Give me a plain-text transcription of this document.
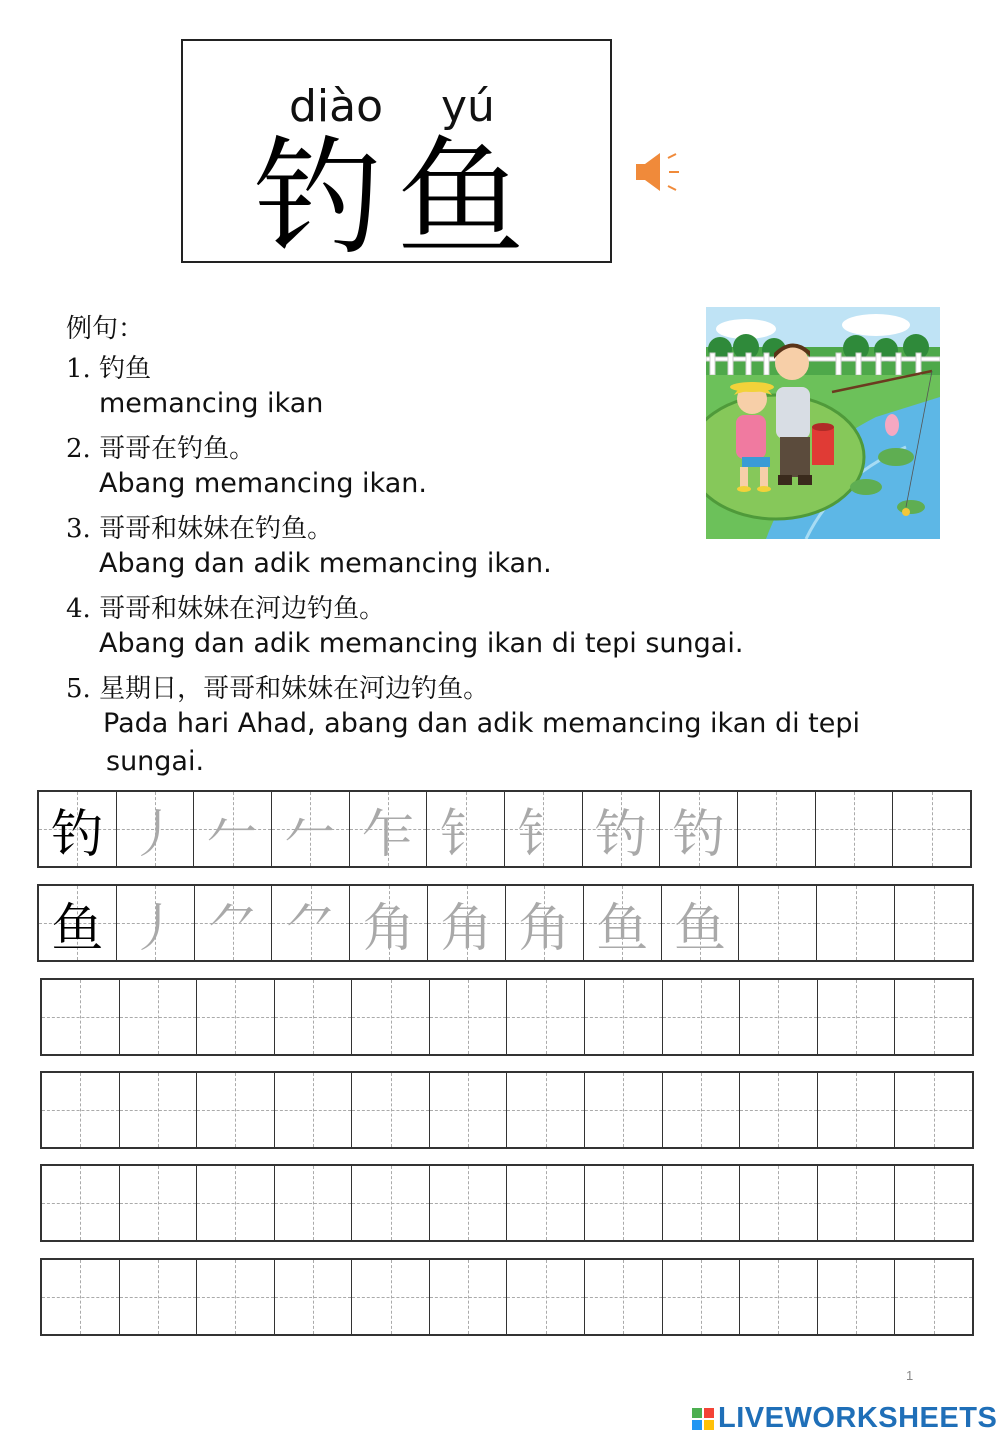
diào yú
钓鱼
例句：
1. 钓鱼
memancing ikan
2. 哥哥在钓鱼。
Abang memancing ikan.
3. 哥哥和妹妹在钓鱼。
Abang dan adik memancing ikan.
4. 哥哥和妹妹在河边钓鱼。
Abang dan adik memancing ikan di tepi sungai.
5. 星期日，哥哥和妹妹在河边钓鱼。
Pada hari Ahad, abang dan adik memancing ikan di tepi
sungai.
钓 丿 𠂉 𠂉 乍 钅 钅 钓 钓
鱼 丿 ⺈ ⺈ 角 角 角 鱼 鱼
1
LIVEWORKSHEETS
